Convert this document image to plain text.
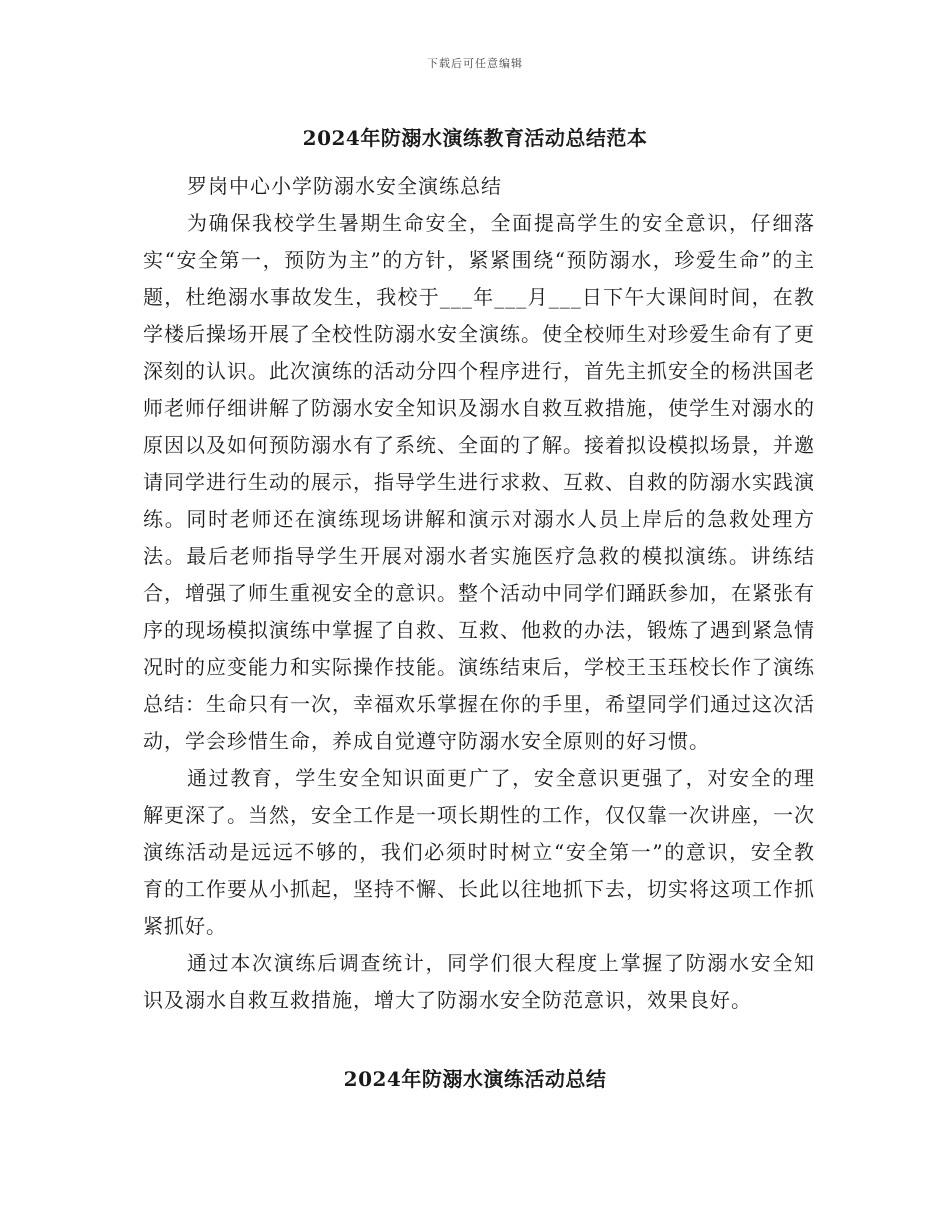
下载后可任意编辑
2024年防溺水演练教育活动总结范本

罗岗中心小学防溺水安全演练总结

为确保我校学生暑期生命安全，全面提高学生的安全意识，仔细落实“安全第一，预防为主”的方针，紧紧围绕“预防溺水，珍爱生命”的主题，杜绝溺水事故发生，我校于___年___月___日下午大课间时间，在教学楼后操场开展了全校性防溺水安全演练。使全校师生对珍爱生命有了更深刻的认识。此次演练的活动分四个程序进行，首先主抓安全的杨洪国老师老师仔细讲解了防溺水安全知识及溺水自救互救措施，使学生对溺水的原因以及如何预防溺水有了系统、全面的了解。接着拟设模拟场景，并邀请同学进行生动的展示，指导学生进行求救、互救、自救的防溺水实践演练。同时老师还在演练现场讲解和演示对溺水人员上岸后的急救处理方法。最后老师指导学生开展对溺水者实施医疗急救的模拟演练。讲练结合，增强了师生重视安全的意识。整个活动中同学们踊跃参加，在紧张有序的现场模拟演练中掌握了自救、互救、他救的办法，锻炼了遇到紧急情况时的应变能力和实际操作技能。演练结束后，学校王玉珏校长作了演练总结：生命只有一次，幸福欢乐掌握在你的手里，希望同学们通过这次活动，学会珍惜生命，养成自觉遵守防溺水安全原则的好习惯。

通过教育，学生安全知识面更广了，安全意识更强了，对安全的理解更深了。当然，安全工作是一项长期性的工作，仅仅靠一次讲座，一次演练活动是远远不够的，我们必须时时树立“安全第一”的意识，安全教育的工作要从小抓起，坚持不懈、长此以往地抓下去，切实将这项工作抓紧抓好。

通过本次演练后调查统计，同学们很大程度上掌握了防溺水安全知识及溺水自救互救措施，增大了防溺水安全防范意识，效果良好。

2024年防溺水演练活动总结
